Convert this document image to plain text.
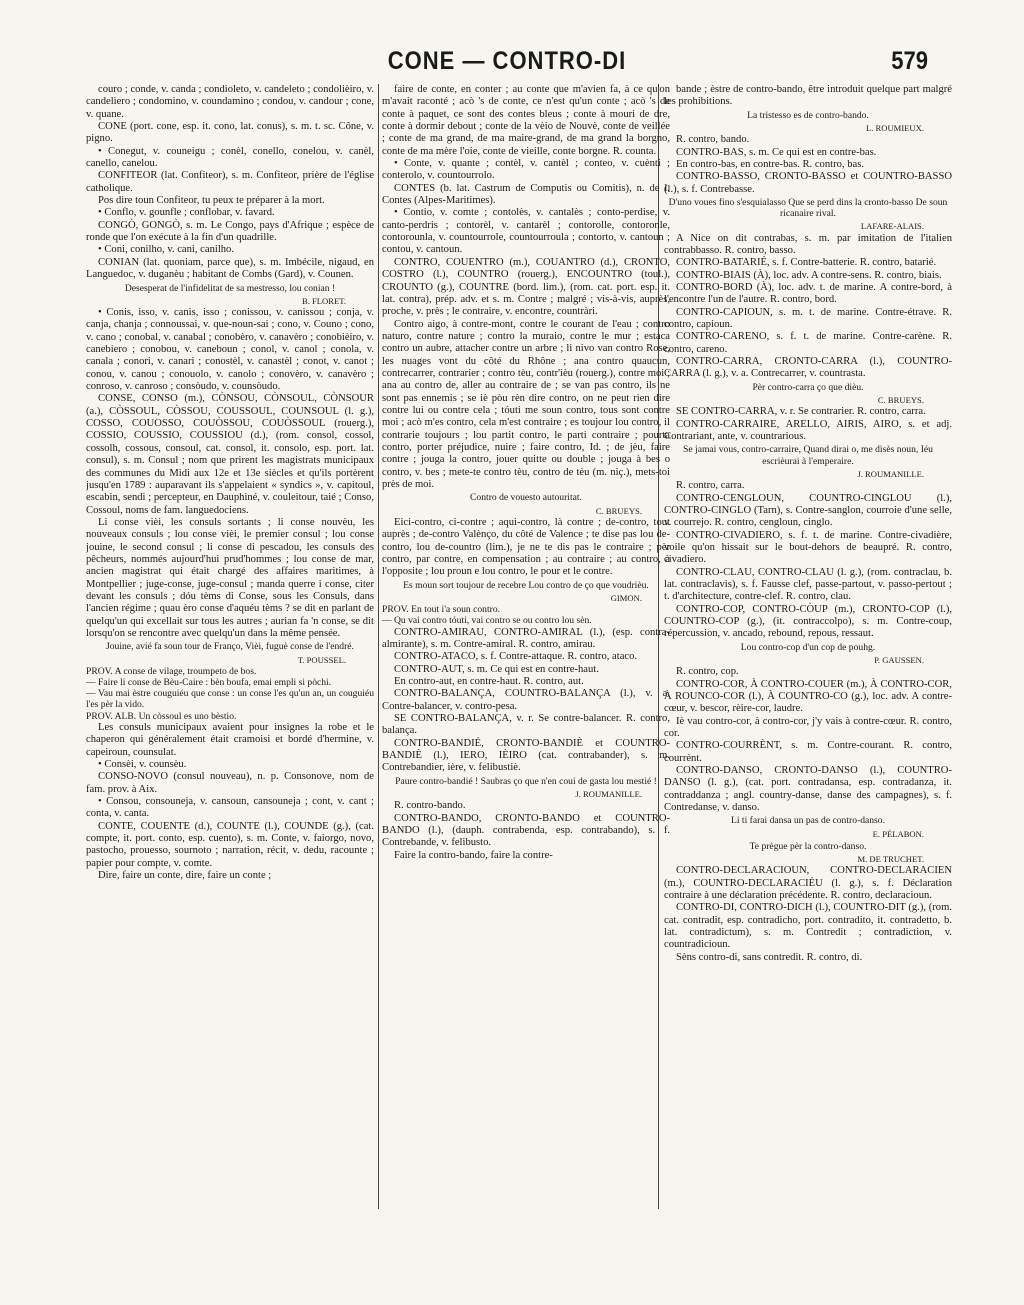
CONE — CONTRO-DI	579

couro ; conde, v. canda ; condioleto, v. candeleto ; condolièiro, v. candeliero ; condomino, v. coundamino ; condou, v. candour ; cone, v. quane.

CONE (port. cone, esp. it. cono, lat. conus), s. m. t. sc. Cône, v. pigno.

• Conegut, v. couneigu ; conèl, conello, conelou, v. canèl, canello, canelou.

CONFITEOR (lat. Confiteor), s. m. Confiteor, prière de l'église catholique.

Pos dire toun Confiteor, tu peux te préparer à la mort.

• Conflo, v. gounfle ; conflobar, v. favard.

CONGÒ, GONGÒ, s. m. Le Congo, pays d'Afrique ; espèce de ronde que l'on exécute à la fin d'un quadrille.

• Coni, conilho, v. cani, canilho.

CONIAN (lat. quoniam, parce que), s. m. Imbécile, nigaud, en Languedoc, v. duganèu ; habitant de Combs (Gard), v. Counen.

Desesperat de l'infidelitat de sa mestresso, lou conian !

B. FLORET.

• Conis, isso, v. canis, isso ; conissou, v. canissou ; conja, v. canja, chanja ; connoussai, v. que-noun-sai ; cono, v. Couno ; cono, v. cano ; conobal, v. canabal ; conobèro, v. canavèro ; conobièiro, v. canebiero ; conobou, v. caneboun ; conol, v. canol ; conola, v. canala ; conori, v. canari ; conostèl, v. canastèl ; conot, v. canot ; conou, v. canou ; conouolo, v. canolo ; conovèro, v. canavèro ; conroso, v. canroso ; consòudo, v. counsòudo.

CONSE, CONSO (m.), CÒNSOU, CÒNSOUL, CÒNSOUR (a.), CÒSSOUL, CÒSSOU, COUSSOUL, COUNSOUL (l. g.), COSSO, COUOSSO, COUÒSSOU, COUÒSSOUL (rouerg.), COSSIO, COUSSIO, COUSSIOU (d.), (rom. consol, cossol, cossolh, cossous, consoul, cat. consol, it. consolo, esp. port. lat. consul), s. m. Consul ; nom que prirent les magistrats municipaux des communes du Midi aux 12e et 13e siècles et qu'ils portèrent jusqu'en 1789 : auparavant ils s'appelaient « syndics », v. capitoul, escabin, sendi ; percepteur, en Dauphiné, v. couleitour, taié ; Conso, Cossoul, noms de fam. languedociens.

Li conse vièi, les consuls sortants ; li conse nouvèu, les nouveaux consuls ; lou conse vièi, le premier consul ; lou conse jouine, le second consul ; li conse di pescadou, les consuls des pêcheurs, nommés aujourd'hui prud'hommes ; lou conse de mar, ancien magistrat qui était chargé des affaires maritimes, à Montpellier ; juge-conse, juge-consul ; manda querre i conse, citer devant les consuls ; dóu tèms di Conse, sous les Consuls, dans l'ancien régime ; quau èro conse d'aquéu tèms ? se dit en parlant de quelqu'un qui excellait sur tous les autres ; aurian fa 'n conse, se dit lorsqu'on se rencontre avec quelqu'un dans la même pensée.

Jouine, avié fa soun tour de Franço, Vièi, fuguè conse de l'endré.

T. POUSSEL.

PROV. A conse de vilage, troumpeto de bos.

— Faire li conse de Bèu-Caire : bèn boufa, emai empli si pòchi.

— Vau mai èstre couguiéu que conse : un conse l'es qu'un an, un couguiéu l'es pèr la vido.

PROV. ALB. Un còssoul es uno bèstio.

Les consuls municipaux avaient pour insignes la robe et le chaperon qui généralement était cramoisi et bordé d'hermine, v. capeiroun, counsulat.

• Consèi, v. counsèu.

CONSO-NOVO (consul nouveau), n. p. Consonove, nom de fam. prov. à Aix.

• Consou, consouneja, v. cansoun, cansouneja ; cont, v. cant ; conta, v. canta.

CONTE, COUENTE (d.), COUNTE (l.), COUNDE (g.), (cat. compte, it. port. conto, esp. cuento), s. m. Conte, v. faiorgo, novo, pastocho, prouesso, sournoto ; narration, récit, v. dedu, racounte ; papier pour compte, v. comte.

Dire, faire un conte, dire, faire un conte ;

faire de conte, en conter ; au conte que m'avien fa, à ce qu'on m'avait raconté ; acò 's de conte, ce n'est qu'un conte ; acò 's de conte à paquet, ce sont des contes bleus ; conte à mouri de dre, conte à dormir debout ; conte de la vèio de Nouvè, conte de veillée ; conte de ma grand, de ma maire-grand, de ma grand la borgno, conte de ma mère l'oie, conte de vieille, conte borgne. R. counta.

• Conte, v. quante ; contèl, v. cantèl ; conteo, v. cuènti ; conterolo, v. countourrolo.

CONTES (b. lat. Castrum de Computis ou Comitis), n. de l. Contes (Alpes-Maritimes).

• Contio, v. comte ; contolès, v. cantalès ; conto-perdise, v. canto-perdris ; contorèl, v. cantarèl ; contorolle, contoronle, contorounla, v. countourrole, countourroula ; contorto, v. cantoun ; contou, v. cantoun.

CONTRO, COUENTRO (m.), COUANTRO (d.), CRONTO, COSTRO (l.), COUNTRO (rouerg.), ENCOUNTRO (toul.), CROUNTO (g.), COUNTRE (bord. lim.), (rom. cat. port. esp. it. lat. contra), prép. adv. et s. m. Contre ; malgré ; vis-à-vis, auprès, proche, v. près ; le contraire, v. encontre, countràri.

Contro aigo, à contre-mont, contre le courant de l'eau ; contro naturo, contre nature ; contro la muraio, contre le mur ; estaca contro un aubre, attacher contre un arbre ; li nivo van contro Rose, les nuages vont du côté du Rhône ; ana contro quaucun, contrecarrer, contrarier ; contro tèu, contr'ièu (rouerg.), contre moi ; ana au contro de, aller au contraire de ; se van pas contro, ils ne sont pas ennemis ; se iè pòu rèn dire contro, on ne peut rien dire contre lui ou contre cela ; tóuti me soun contro, tous sont contre moi ; acò m'es contro, cela m'est contraire ; es toujour lou contro, il contrarie toujours ; lou partit contro, le parti contraire ; pourta contro, porter préjudice, nuire ; faire contro, Id. ; de jèu, faire contre ; jouga la contro, jouer quitte ou double ; jouga à bes o contro, v. bes ; mete-te contro tèu, contro de tèu (m. niç.), mets-toi près de moi.

Contro de vouesto autouritat.

C. BRUEYS.

Eici-contro, ci-contre ; aqui-contro, là contre ; de-contro, tout auprès ; de-contro Valènço, du côté de Valence ; te dise pas lou de-contro, lou de-countro (lim.), je ne te dis pas le contraire ; pèr contro, par contre, en compensation ; au contraire ; au contro, à l'opposite ; lou proun e lou contro, le pour et le contre.

Es moun sort toujour de recebre Lou contro de ço que voudrièu.

GIMON.

PROV. En tout i'a soun contro.

— Qu vai contro tóuti, vai contro se ou contro lou sèn.

CONTRO-AMIRAU, CONTRO-AMIRAL (l.), (esp. contra-almirante), s. m. Contre-amiral. R. contro, amirau.

CONTRO-ATACO, s. f. Contre-attaque. R. contro, ataco.

CONTRO-AUT, s. m. Ce qui est en contre-haut.

En contro-aut, en contre-haut. R. contro, aut.

CONTRO-BALANÇA, COUNTRO-BALANÇA (l.), v. a. Contre-balancer, v. contro-pesa.

SE CONTRO-BALANÇA, v. r. Se contre-balancer. R. contro, balança.

CONTRO-BANDIÉ, CRONTO-BANDIÈ et COUNTRO-BANDIÈ (l.), IERO, IÈIRO (cat. contrabander), s. m. Contrebandier, ière, v. felibustiè.

Paure contro-bandié ! Saubras ço que n'en coui de gasta lou mestié !

J. ROUMANILLE.

R. contro-bando.

CONTRO-BANDO, CRONTO-BANDO et COUNTRO-BANDO (l.), (dauph. contrabenda, esp. contrabando), s. f. Contrebande, v. felibusto.

Faire la contro-bando, faire la contre-

bande ; èstre de contro-bando, être introduit quelque part malgré les prohibitions.

La tristesso es de contro-bando.

L. ROUMIEUX.

R. contro, bando.

CONTRO-BAS, s. m. Ce qui est en contre-bas.

En contro-bas, en contre-bas. R. contro, bas.

CONTRO-BASSO, CRONTO-BASSO et COUNTRO-BASSO (l.), s. f. Contrebasse.

D'uno voues fino s'esquialasso Que se perd dins la cronto-basso De soun ricanaire rival.

LAFARE-ALAIS.

A Nice on dit contrabas, s. m. par imitation de l'italien contrabbasso. R. contro, basso.

CONTRO-BATARIÉ, s. f. Contre-batterie. R. contro, batarié.

CONTRO-BIAIS (À), loc. adv. A contre-sens. R. contro, biais.

CONTRO-BORD (À), loc. adv. t. de marine. A contre-bord, à l'encontre l'un de l'autre. R. contro, bord.

CONTRO-CAPIOUN, s. m. t. de marine. Contre-étrave. R. contro, capioun.

CONTRO-CARENO, s. f. t. de marine. Contre-carène. R. contro, careno.

CONTRO-CARRA, CRONTO-CARRA (l.), COUNTRO-CARRA (l. g.), v. a. Contrecarrer, v. countrasta.

Pèr contro-carra ço que dièu.

C. BRUEYS.

SE CONTRO-CARRA, v. r. Se contrarier. R. contro, carra.

CONTRO-CARRAIRE, ARELLO, AIRIS, AIRO, s. et adj. Contrariant, ante, v. countrarious.

Se jamai vous, contro-carraire, Quand dirai o, me disès noun, Iéu escrièurai à l'emperaire.

J. ROUMANILLE.

R. contro, carra.

CONTRO-CENGLOUN, COUNTRO-CINGLOU (l.), CONTRO-CINGLO (Tarn), s. Contre-sanglon, courroie d'une selle, v. courrejo. R. contro, cengloun, cinglo.

CONTRO-CIVADIERO, s. f. t. de marine. Contre-civadière, voile qu'on hissait sur le bout-dehors de beaupré. R. contro, civadiero.

CONTRO-CLAU, CONTRO-CLAU (l. g.), (rom. contraclau, b. lat. contraclavis), s. f. Fausse clef, passe-partout, v. passo-pertout ; t. d'architecture, contre-clef. R. contro, clau.

CONTRO-COP, CONTRO-CÒUP (m.), CRONTO-COP (l.), COUNTRO-COP (g.), (it. contraccolpo), s. m. Contre-coup, répercussion, v. ancado, rebound, repous, ressaut.

Lou contro-cop d'un cop de pouhg.

P. GAUSSEN.

R. contro, cop.

CONTRO-COR, À CONTRO-COUER (m.), À CONTRO-COR, À ROUNCO-COR (l.), À COUNTRO-CO (g.), loc. adv. A contre-cœur, v. bescor, rèire-cor, laudre.

Iè vau contro-cor, à contro-cor, j'y vais à contre-cœur. R. contro, cor.

CONTRO-COURRÈNT, s. m. Contre-courant. R. contro, courrènt.

CONTRO-DANSO, CRONTO-DANSO (l.), COUNTRO-DANSO (l. g.), (cat. port. contradansa, esp. contradanza, it. contraddanza ; angl. country-danse, danse des campagnes), s. f. Contredanse, v. danso.

Li ti farai dansa un pas de contro-danso.

E. PÉLABON.

Te prègue pèr la contro-danso.

M. DE TRUCHET.

CONTRO-DECLARACIOUN, CONTRO-DECLARACIEN (m.), COUNTRO-DECLARACIÉU (l. g.), s. f. Déclaration contraire à une déclaration précédente. R. contro, declaracioun.

CONTRO-DI, CONTRO-DICH (l.), COUNTRO-DIT (g.), (rom. cat. contradit, esp. contradicho, port. contradito, it. contradetto, b. lat. contradictum), s. m. Contredit ; contradiction, v. countradicioun.

Sèns contro-di, sans contredit. R. contro, di.
